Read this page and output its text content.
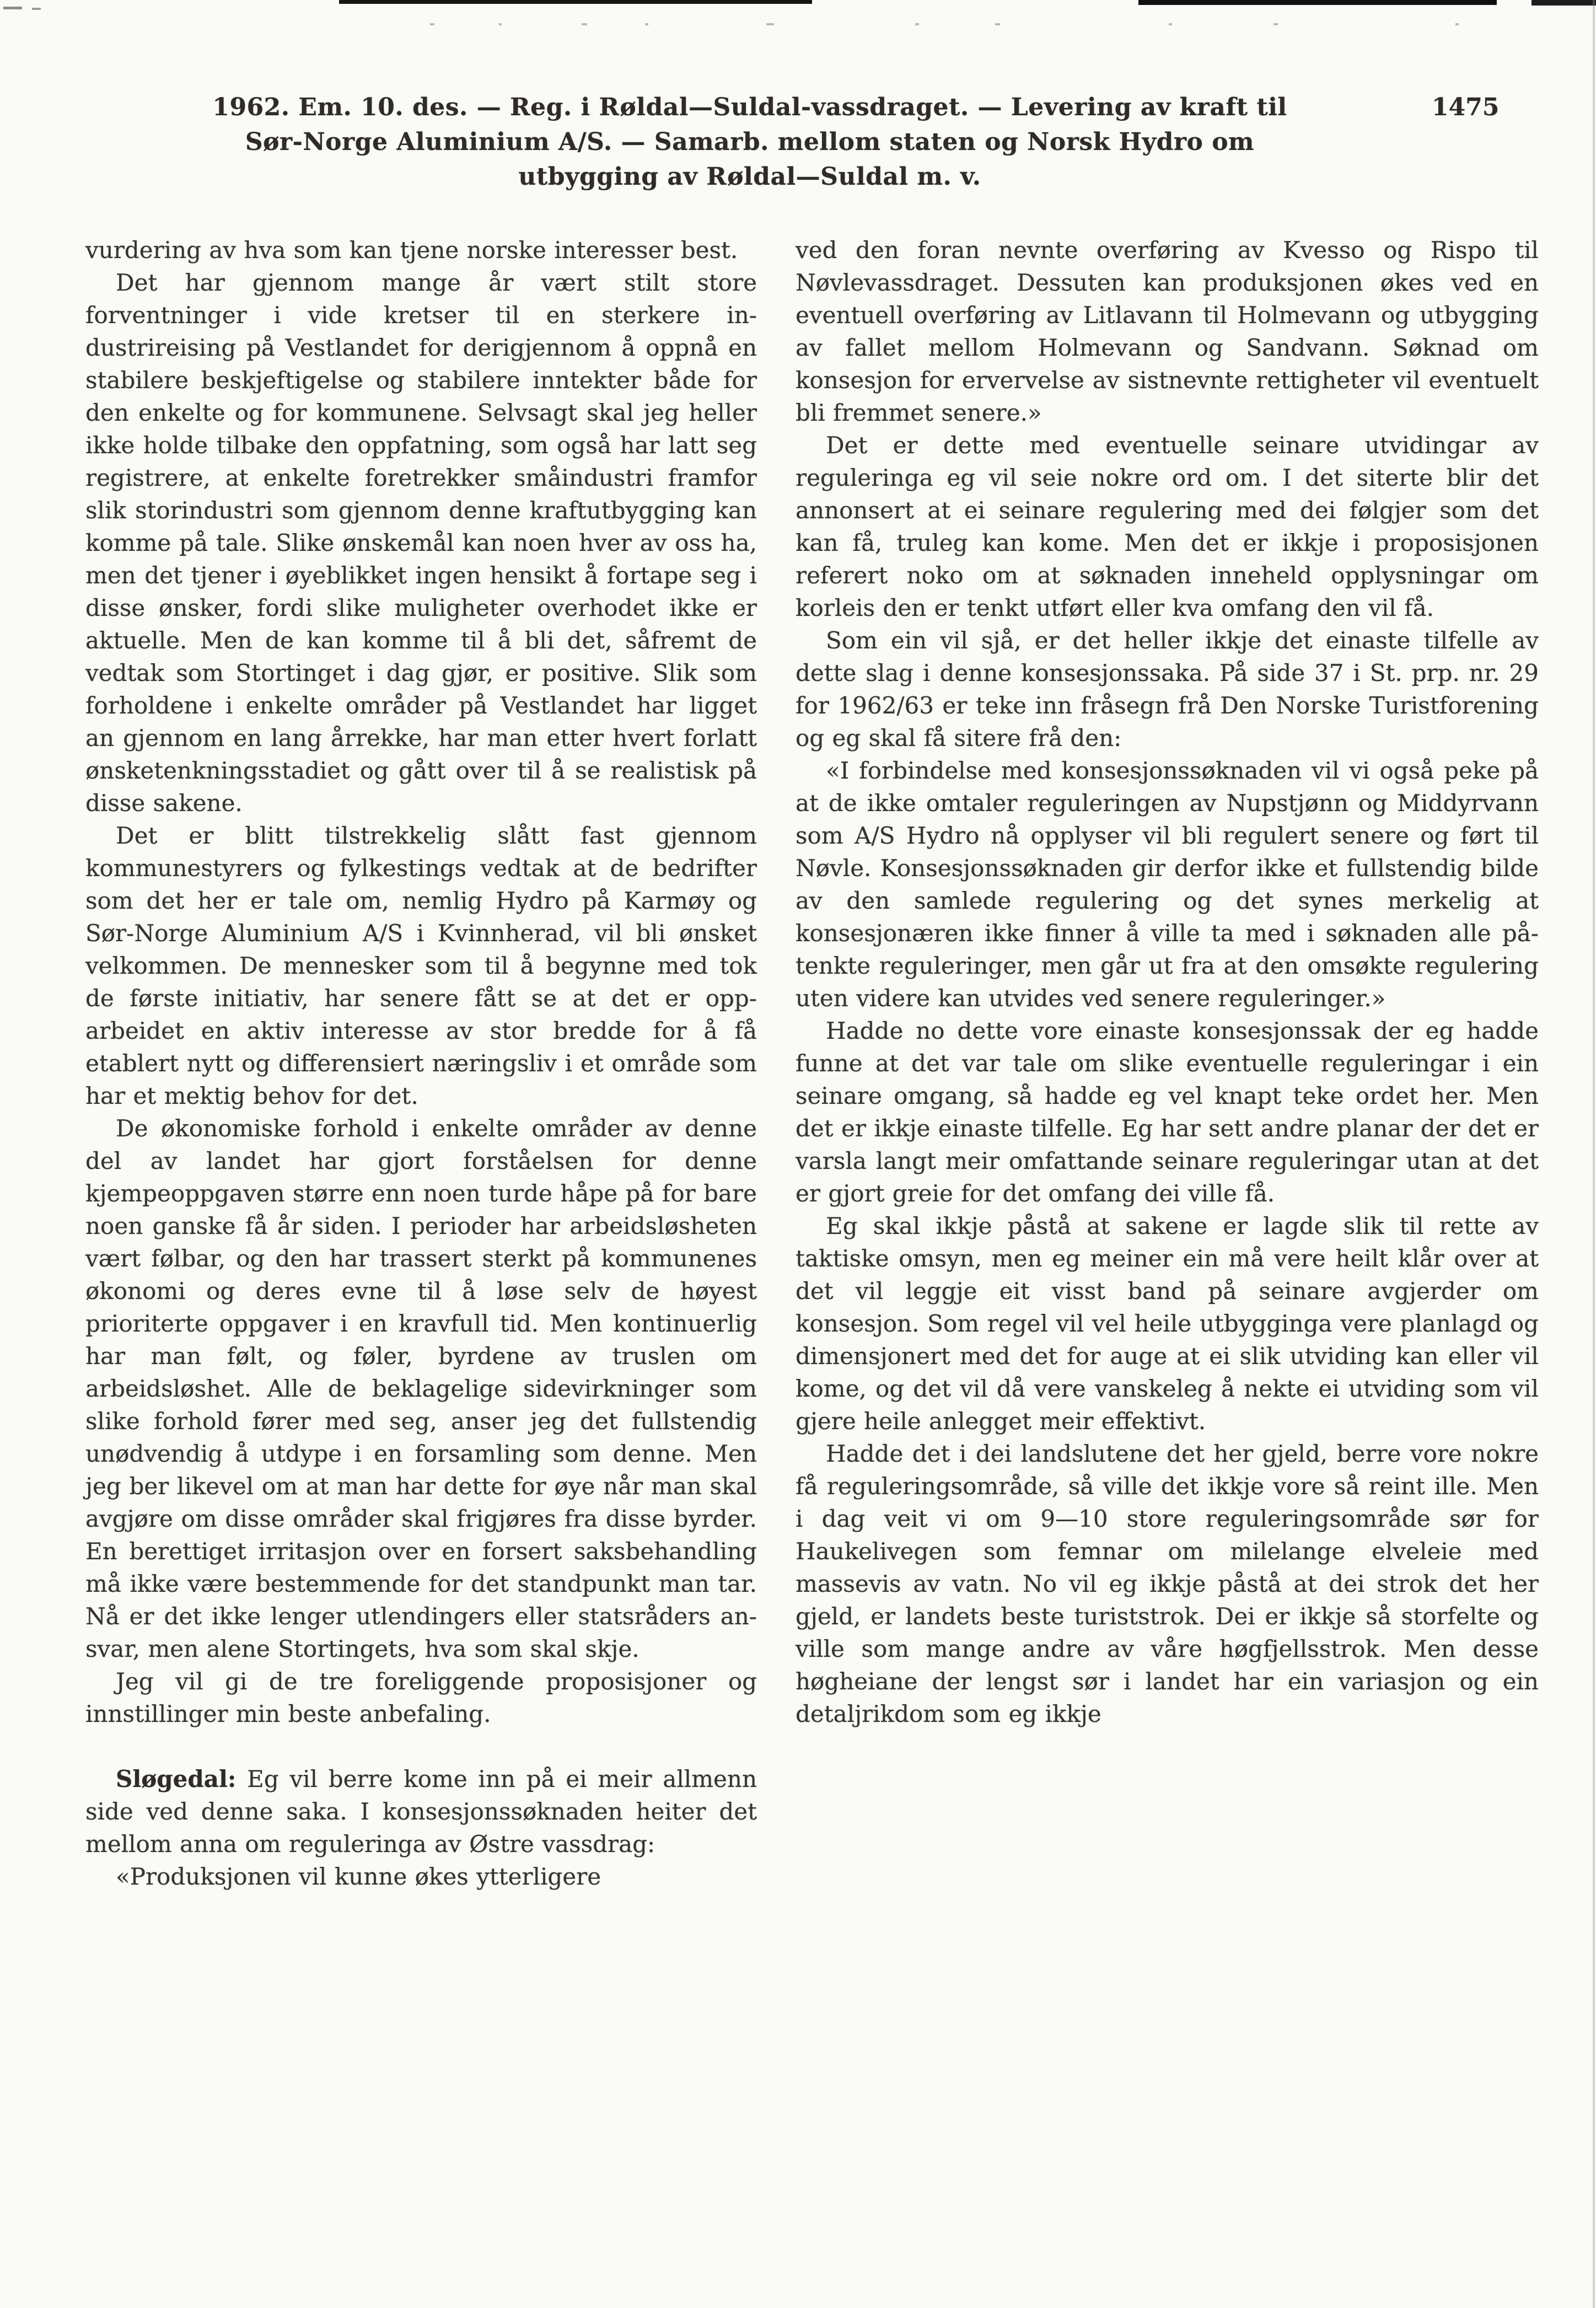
1962. Em. 10. des. — Reg. i Røldal—Suldal-vassdraget. — Levering av kraft til
Sør-Norge Aluminium A/S. — Samarb. mellom staten og Norsk Hydro om
utbygging av Røldal—Suldal m. v.
1475

vurdering av hva som kan tjene norske interesser best.

Det har gjennom mange år vært stilt store forventninger i vide kretser til en sterkere industrireising på Vestlandet for derigjennom å oppnå en stabilere beskjeftigelse og stabilere inntekter både for den enkelte og for kommunene. Selvsagt skal jeg heller ikke holde tilbake den oppfatning, som også har latt seg registrere, at enkelte foretrekker småindustri framfor slik storindustri som gjennom denne kraftutbygging kan komme på tale. Slike ønskemål kan noen hver av oss ha, men det tjener i øyeblikket ingen hensikt å fortape seg i disse ønsker, fordi slike muligheter overhodet ikke er aktuelle. Men de kan komme til å bli det, såfremt de vedtak som Stortinget i dag gjør, er positive. Slik som forholdene i enkelte områder på Vestlandet har ligget an gjennom en lang årrekke, har man etter hvert forlatt ønsketenkningsstadiet og gått over til å se realistisk på disse sakene.

Det er blitt tilstrekkelig slått fast gjennom kommunestyrers og fylkestings vedtak at de bedrifter som det her er tale om, nemlig Hydro på Karmøy og Sør-Norge Aluminium A/S i Kvinnherad, vil bli ønsket velkommen. De mennesker som til å begynne med tok de første initiativ, har senere fått se at det er opparbeidet en aktiv interesse av stor bredde for å få etablert nytt og differensiert næringsliv i et område som har et mektig behov for det.

De økonomiske forhold i enkelte områder av denne del av landet har gjort forståelsen for denne kjempeoppgaven større enn noen turde håpe på for bare noen ganske få år siden. I perioder har arbeidsløsheten vært følbar, og den har trassert sterkt på kommunenes økonomi og deres evne til å løse selv de høyest prioriterte oppgaver i en kravfull tid. Men kontinuerlig har man følt, og føler, byrdene av truslen om arbeidsløshet. Alle de beklagelige sidevirkninger som slike forhold fører med seg, anser jeg det fullstendig unødvendig å utdype i en forsamling som denne. Men jeg ber likevel om at man har dette for øye når man skal avgjøre om disse områder skal frigjøres fra disse byrder. En berettiget irritasjon over en forsert saksbehandling må ikke være bestemmende for det standpunkt man tar. Nå er det ikke lenger utlendingers eller statsråders ansvar, men alene Stortingets, hva som skal skje.

Jeg vil gi de tre foreliggende proposisjoner og innstillinger min beste anbefaling.

Sløgedal: Eg vil berre kome inn på ei meir allmenn side ved denne saka. I konsesjonssøknaden heiter det mellom anna om reguleringa av Østre vassdrag:

«Produksjonen vil kunne økes ytterligere

ved den foran nevnte overføring av Kvesso og Rispo til Nøvlevassdraget. Dessuten kan produksjonen økes ved en eventuell overføring av Litlavann til Holmevann og utbygging av fallet mellom Holmevann og Sandvann. Søknad om konsesjon for ervervelse av sistnevnte rettigheter vil eventuelt bli fremmet senere.»

Det er dette med eventuelle seinare utvidingar av reguleringa eg vil seie nokre ord om. I det siterte blir det annonsert at ei seinare regulering med dei følgjer som det kan få, truleg kan kome. Men det er ikkje i proposisjonen referert noko om at søknaden inneheld opplysningar om korleis den er tenkt utført eller kva omfang den vil få.

Som ein vil sjå, er det heller ikkje det einaste tilfelle av dette slag i denne konsesjonssaka. På side 37 i St. prp. nr. 29 for 1962/63 er teke inn fråsegn frå Den Norske Turistforening og eg skal få sitere frå den:

«I forbindelse med konsesjonssøknaden vil vi også peke på at de ikke omtaler reguleringen av Nupstjønn og Middyrvann som A/S Hydro nå opplyser vil bli regulert senere og ført til Nøvle. Konsesjonssøknaden gir derfor ikke et fullstendig bilde av den samlede regulering og det synes merkelig at konsesjonæren ikke finner å ville ta med i søknaden alle påtenkte reguleringer, men går ut fra at den omsøkte regulering uten videre kan utvides ved senere reguleringer.»

Hadde no dette vore einaste konsesjonssak der eg hadde funne at det var tale om slike eventuelle reguleringar i ein seinare omgang, så hadde eg vel knapt teke ordet her. Men det er ikkje einaste tilfelle. Eg har sett andre planar der det er varsla langt meir omfattande seinare reguleringar utan at det er gjort greie for det omfang dei ville få.

Eg skal ikkje påstå at sakene er lagde slik til rette av taktiske omsyn, men eg meiner ein må vere heilt klår over at det vil leggje eit visst band på seinare avgjerder om konsesjon. Som regel vil vel heile utbygginga vere planlagd og dimensjonert med det for auge at ei slik utviding kan eller vil kome, og det vil då vere vanskeleg å nekte ei utviding som vil gjere heile anlegget meir effektivt.

Hadde det i dei landslutene det her gjeld, berre vore nokre få reguleringsområde, så ville det ikkje vore så reint ille. Men i dag veit vi om 9—10 store reguleringsområde sør for Haukelivegen som femnar om milelange elveleie med massevis av vatn. No vil eg ikkje påstå at dei strok det her gjeld, er landets beste turiststrok. Dei er ikkje så storfelte og ville som mange andre av våre høgfjellsstrok. Men desse høgheiane der lengst sør i landet har ein variasjon og ein detaljrikdom som eg ikkje
